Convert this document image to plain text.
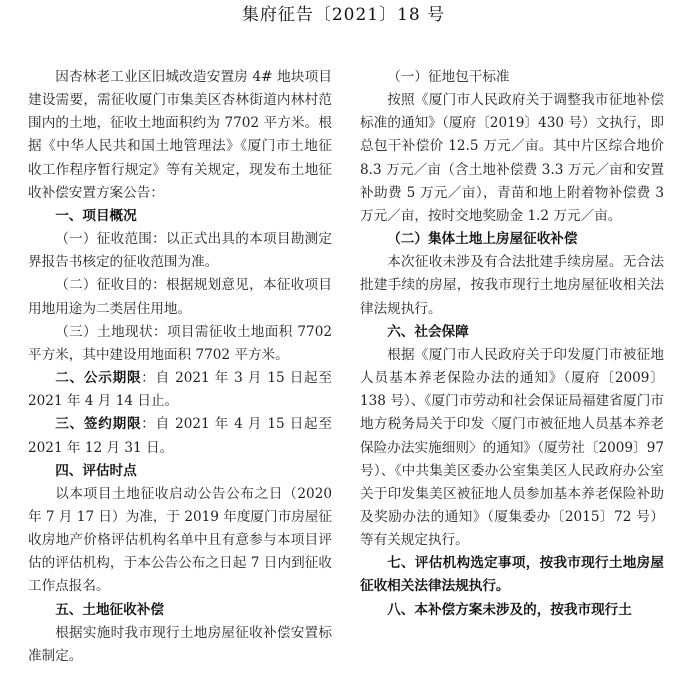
集府征告〔2021〕18 号

因杏林老工业区旧城改造安置房 4# 地块项目建设需要，需征收厦门市集美区杏林街道内林村范围内的土地，征收土地面积约为 7702 平方米。根据《中华人民共和国土地管理法》《厦门市土地征收工作程序暂行规定》等有关规定，现发布土地征收补偿安置方案公告：

一、项目概况

（一）征收范围：以正式出具的本项目勘测定界报告书核定的征收范围为准。

（二）征收目的：根据规划意见，本征收项目用地用途为二类居住用地。

（三）土地现状：项目需征收土地面积 7702 平方米，其中建设用地面积 7702 平方米。

二、公示期限：自 2021 年 3 月 15 日起至 2021 年 4 月 14 日止。

三、签约期限：自 2021 年 4 月 15 日起至 2021 年 12 月 31 日。

四、评估时点

以本项目土地征收启动公告公布之日（2020 年 7 月 17 日）为准，于 2019 年度厦门市房屋征收房地产价格评估机构名单中且有意参与本项目评估的评估机构，于本公告公布之日起 7 日内到征收工作点报名。

五、土地征收补偿

根据实施时我市现行土地房屋征收补偿安置标准制定。

（一）征地包干标准

按照《厦门市人民政府关于调整我市征地补偿标准的通知》（厦府〔2019〕430 号）文执行，即总包干补偿价 12.5 万元／亩。其中片区综合地价 8.3 万元／亩（含土地补偿费 3.3 万元／亩和安置补助费 5 万元／亩），青苗和地上附着物补偿费 3 万元／亩，按时交地奖励金 1.2 万元／亩。

（二）集体土地上房屋征收补偿

本次征收未涉及有合法批建手续房屋。无合法批建手续的房屋，按我市现行土地房屋征收相关法律法规执行。

六、社会保障

根据《厦门市人民政府关于印发厦门市被征地人员基本养老保险办法的通知》（厦府〔2009〕138 号）、《厦门市劳动和社会保证局福建省厦门市地方税务局关于印发〈厦门市被征地人员基本养老保险办法实施细则〉的通知》（厦劳社〔2009〕97 号）、《中共集美区委办公室集美区人民政府办公室关于印发集美区被征地人员参加基本养老保险补助及奖励办法的通知》（厦集委办〔2015〕72 号）等有关规定执行。

七、评估机构选定事项，按我市现行土地房屋征收相关法律法规执行。

八、本补偿方案未涉及的，按我市现行土
